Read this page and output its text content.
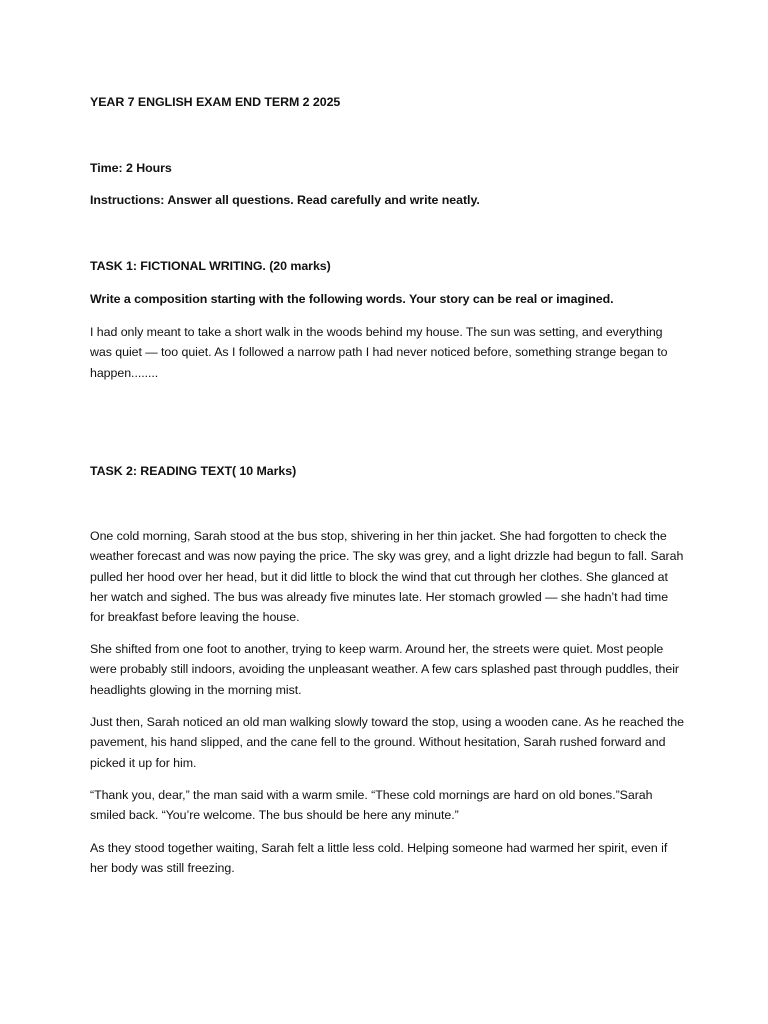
YEAR 7 ENGLISH EXAM END TERM 2 2025

Time: 2 Hours

Instructions: Answer all questions. Read carefully and write neatly.

TASK 1: FICTIONAL WRITING. (20 marks)

Write a composition starting with the following words. Your story can be real or imagined.

I had only meant to take a short walk in the woods behind my house. The sun was setting, and everything was quiet — too quiet. As I followed a narrow path I had never noticed before, something strange began to happen........

TASK 2: READING TEXT( 10 Marks)

One cold morning, Sarah stood at the bus stop, shivering in her thin jacket. She had forgotten to check the weather forecast and was now paying the price. The sky was grey, and a light drizzle had begun to fall. Sarah pulled her hood over her head, but it did little to block the wind that cut through her clothes. She glanced at her watch and sighed. The bus was already five minutes late. Her stomach growled — she hadn’t had time for breakfast before leaving the house.

She shifted from one foot to another, trying to keep warm. Around her, the streets were quiet. Most people were probably still indoors, avoiding the unpleasant weather. A few cars splashed past through puddles, their headlights glowing in the morning mist.

Just then, Sarah noticed an old man walking slowly toward the stop, using a wooden cane. As he reached the pavement, his hand slipped, and the cane fell to the ground. Without hesitation, Sarah rushed forward and picked it up for him.

“Thank you, dear,” the man said with a warm smile. “These cold mornings are hard on old bones.”Sarah smiled back. “You’re welcome. The bus should be here any minute.”

As they stood together waiting, Sarah felt a little less cold. Helping someone had warmed her spirit, even if her body was still freezing.
